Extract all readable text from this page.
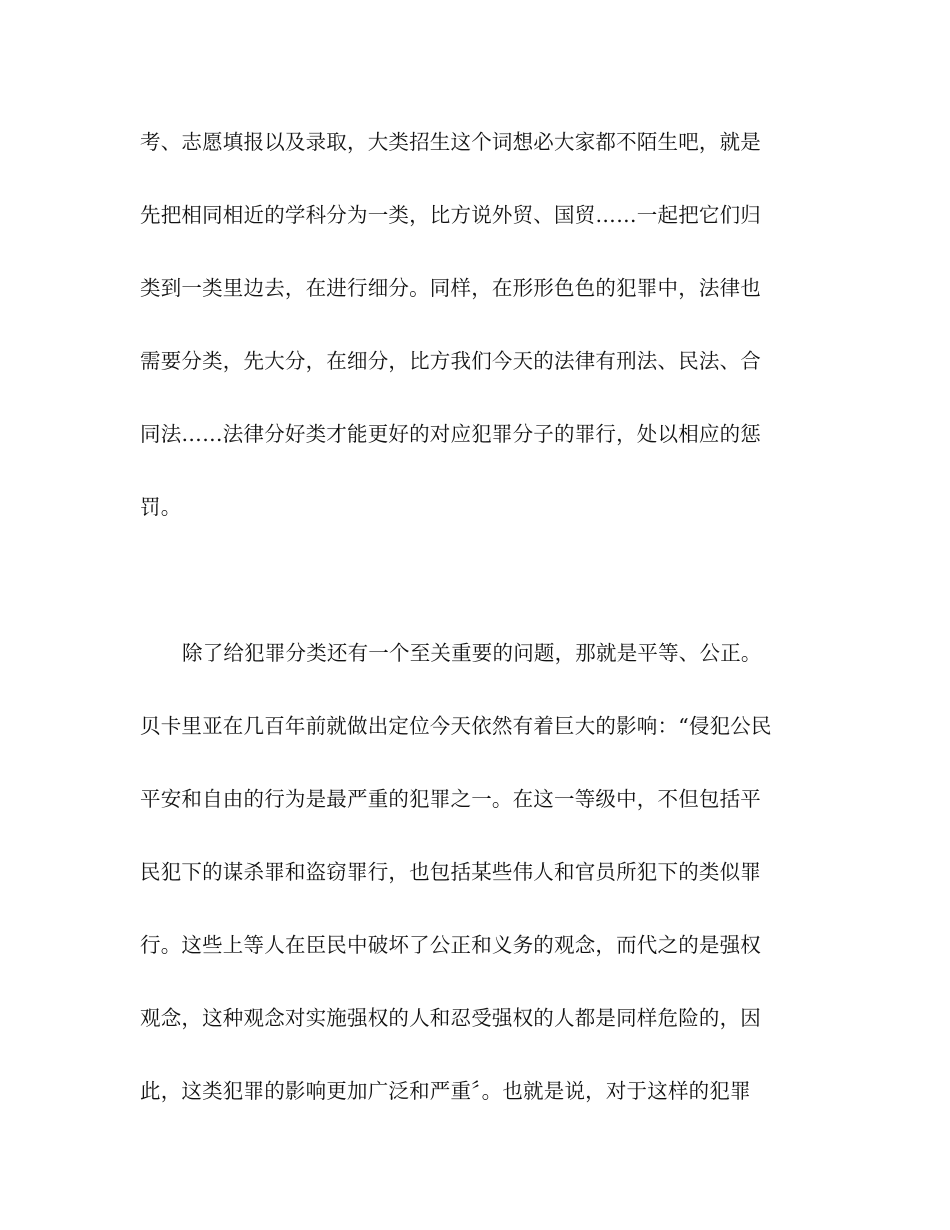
考、志愿填报以及录取，大类招生这个词想必大家都不陌生吧，就是
先把相同相近的学科分为一类，比方说外贸、国贸……一起把它们归
类到一类里边去，在进行细分。同样，在形形色色的犯罪中，法律也
需要分类，先大分，在细分，比方我们今天的法律有刑法、民法、合
同法……法律分好类才能更好的对应犯罪分子的罪行，处以相应的惩
罚。
除了给犯罪分类还有一个至关重要的问题，那就是平等、公正。
贝卡里亚在几百年前就做出定位今天依然有着巨大的影响：“侵犯公民
平安和自由的行为是最严重的犯罪之一。在这一等级中，不但包括平
民犯下的谋杀罪和盗窃罪行，也包括某些伟人和官员所犯下的类似罪
行。这些上等人在臣民中破坏了公正和义务的观念，而代之的是强权
观念，这种观念对实施强权的人和忍受强权的人都是同样危险的，因
此，这类犯罪的影响更加广泛和严重〞。也就是说，对于这样的犯罪
